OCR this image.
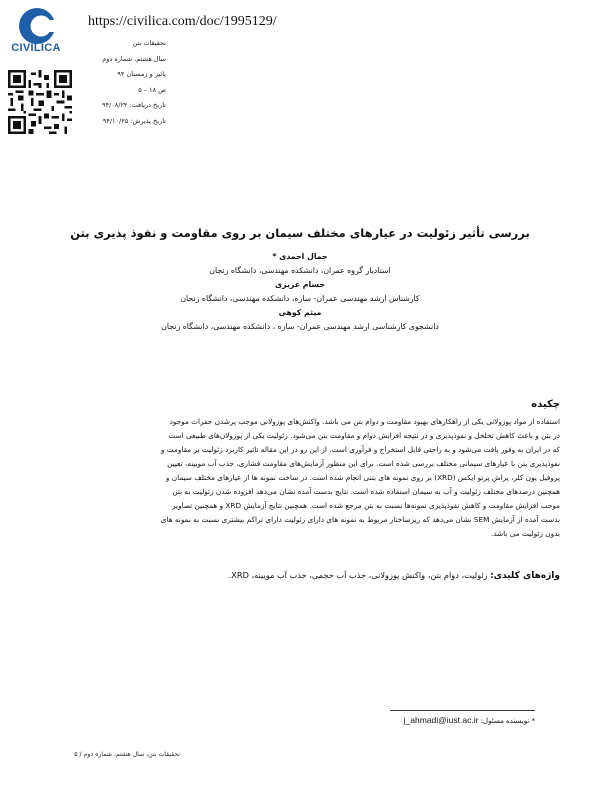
CIVILICA
https://civilica.com/doc/1995129/
تحقیقات بتن
سال هشتم، شماره دوم
پائیز و زمستان ۹۴
ص ۱۸ – ۵
تاریخ دریافت: ۹۴/۰۸/۲۴
تاریخ پذیرش: ۹۴/۱۰/۲۵
بررسی تأثیر زئولیت در عیارهای مختلف سیمان بر روی مقاومت و نفوذ پذیری بتن
جمال احمدی *
استادیار گروه عمران، دانشکده مهندسی، دانشگاه زنجان
حسام عزیزی
کارشناس ارشد مهندسی عمران- سازه، دانشکده مهندسی، دانشگاه زنجان
میثم کوهی
دانشجوی کارشناسی ارشد مهندسی عمران- سازه ، دانشکده مهندسی، دانشگاه زنجان
چکیده
استفاده از مواد پوزولانی یکی از راهکارهای بهبود مقاومت و دوام بتن می باشد. واکنش‌های پوزولانی موجب پرشدن حفرات موجود
در بتن و باعث کاهش تخلخل و نفوذپذیری و در نتیجه افزایش دوام و مقاومت بتن می‌شود. زئولیت یکی از پوزولان‌های طبیعی است
که در ایران به وفور یافت می‌شود و به راحتی قابل استخراج و فرآوری است. از این رو در این مقاله تاثیر کاربرد زئولیت بر مقاومت و
نفوذپذیری بتن با عیارهای سیمانی مختلف بررسی شده است. برای این منظور آزمایش‌های مقاومت فشاری، جذب آب مویینه، تعیین
پروفیل یون کلر، پراش پرتو ایکس (XRD) بر روی نمونه های بتنی انجام شده است. در ساخت نمونه ها از عیارهای مختلف سیمان و
همچنین درصدهای مختلف زئولیت و آب به سیمان استفاده شده است. نتایج بدست آمده نشان می‌دهد افزوده شدن زئولیت به بتن
موجب افزایش مقاومت و کاهش نفوذپذیری نمونه‌ها نسبت به بتن مرجع شده است. همچنین نتایج آزمایش XRD و همچنین تصاویر
بدست آمده از آزمایش SEM نشان می‌دهد که ریزساختار مربوط به نمونه های دارای زئولیت دارای تراکم بیشتری نسبت به نمونه های
بدون زئولیت می باشد.
واژه‌های کلیدی: زئولیت، دوام بتن، واکنش پوزولانی، جذب آب حجمی، جذب آب مویینه، XRD.
* نویسنده مسئول: j_ahmadi@iust.ac.ir
تحقیقات بتن، سال هشتم، شماره دوم / ۵
